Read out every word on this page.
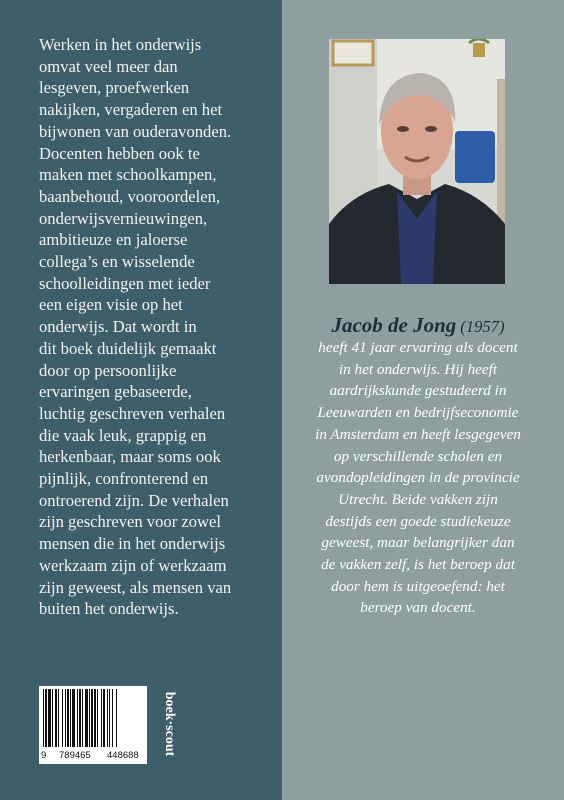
Werken in het onderwijs
omvat veel meer dan
lesgeven, proefwerken
nakijken, vergaderen en het
bijwonen van ouderavonden.
Docenten hebben ook te
maken met schoolkampen,
baanbehoud, vooroordelen,
onderwijsvernieuwingen,
ambitieuze en jaloerse
collega’s en wisselende
schoolleidingen met ieder
een eigen visie op het
onderwijs. Dat wordt in
dit boek duidelijk gemaakt
door op persoonlijke
ervaringen gebaseerde,
luchtig geschreven verhalen
die vaak leuk, grappig en
herkenbaar, maar soms ook
pijnlijk, confronterend en
ontroerend zijn. De verhalen
zijn geschreven voor zowel
mensen die in het onderwijs
werkzaam zijn of werkzaam
zijn geweest, als mensen van
buiten het onderwijs.

9 789465 448688 boek·scout
Jacob de Jong (1957)

heeft 41 jaar ervaring als docent
in het onderwijs. Hij heeft
aardrijkskunde gestudeerd in
Leeuwarden en bedrijfseconomie
in Amsterdam en heeft lesgegeven
op verschillende scholen en
avondopleidingen in de provincie
Utrecht. Beide vakken zijn
destijds een goede studiekeuze
geweest, maar belangrijker dan
de vakken zelf, is het beroep dat
door hem is uitgeoefend: het
beroep van docent.
